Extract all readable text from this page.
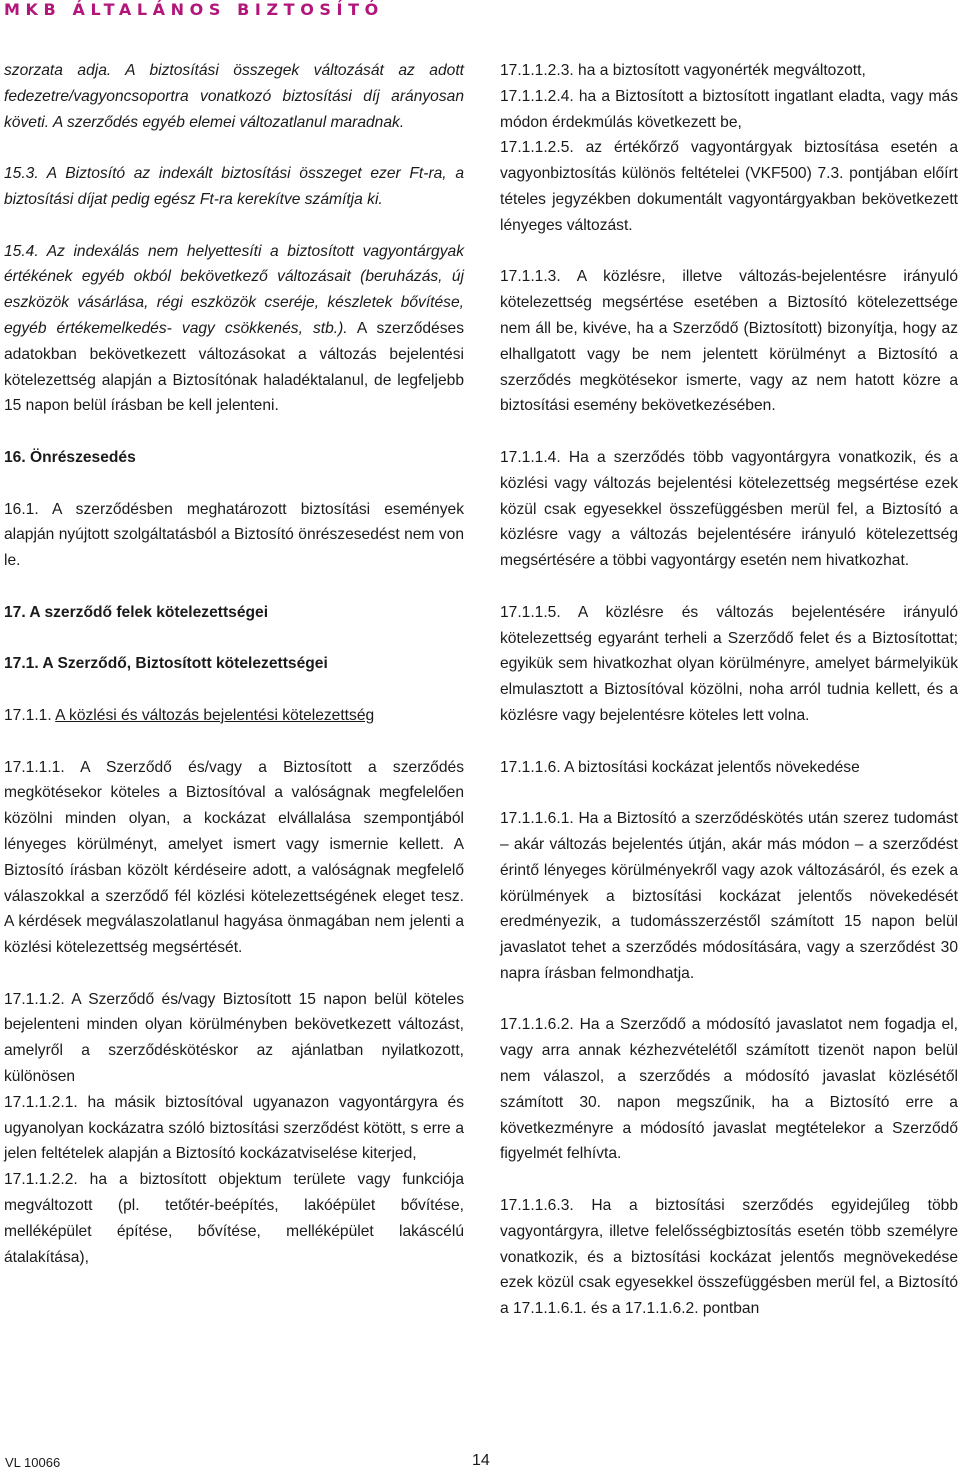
MKB ÁLTALÁNOS BIZTOSÍTÓ

szorzata adja. A biztosítási összegek változását az adott fedezetre/vagyoncsoportra vonatkozó biztosítási díj arányosan követi. A szerződés egyéb elemei változatlanul maradnak.

15.3. A Biztosító az indexált biztosítási összeget ezer Ft-ra, a biztosítási díjat pedig egész Ft-ra kerekítve számítja ki.

15.4. Az indexálás nem helyettesíti a biztosított vagyontárgyak értékének egyéb okból bekövetkező változásait (beruházás, új eszközök vásárlása, régi eszközök cseréje, készletek bővítése, egyéb értékemelkedés- vagy csökkenés, stb.). A szerződéses adatokban bekövetkezett változásokat a változás bejelentési kötelezettség alapján a Biztosítónak haladéktalanul, de legfeljebb 15 napon belül írásban be kell jelenteni.

16. Önrészesedés

16.1. A szerződésben meghatározott biztosítási események alapján nyújtott szolgáltatásból a Biztosító önrészesedést nem von le.

17. A szerződő felek kötelezettségei
17.1. A Szerződő, Biztosított kötelezettségei

17.1.1. A közlési és változás bejelentési kötelezettség

17.1.1.1. A Szerződő és/vagy a Biztosított a szerződés megkötésekor köteles a Biztosítóval a valóságnak megfelelően közölni minden olyan, a kockázat elvállalása szempontjából lényeges körülményt, amelyet ismert vagy ismernie kellett. A Biztosító írásban közölt kérdéseire adott, a valóságnak megfelelő válaszokkal a szerződő fél közlési kötelezettségének eleget tesz. A kérdések megválaszolatlanul hagyása önmagában nem jelenti a közlési kötelezettség megsértését.

17.1.1.2. A Szerződő és/vagy Biztosított 15 napon belül köteles bejelenteni minden olyan körülményben bekövetkezett változást, amelyről a szerződéskötéskor az ajánlatban nyilatkozott, különösen

17.1.1.2.1. ha másik biztosítóval ugyanazon vagyontárgyra és ugyanolyan kockázatra szóló biztosítási szerződést kötött, s erre a jelen feltételek alapján a Biztosító kockázatviselése kiterjed,

17.1.1.2.2. ha a biztosított objektum területe vagy funkciója megváltozott (pl. tetőtér-beépítés, lakóépület bővítése, melléképület építése, bővítése, melléképület lakáscélú átalakítása),

17.1.1.2.3. ha a biztosított vagyonérték megváltozott,

17.1.1.2.4. ha a Biztosított a biztosított ingatlant eladta, vagy más módon érdekmúlás következett be,

17.1.1.2.5. az értékőrző vagyontárgyak biztosítása esetén a vagyonbiztosítás különös feltételei (VKF500) 7.3. pontjában előírt tételes jegyzékben dokumentált vagyontárgyakban bekövetkezett lényeges változást.

17.1.1.3. A közlésre, illetve változás-bejelentésre irányuló kötelezettség megsértése esetében a Biztosító kötelezettsége nem áll be, kivéve, ha a Szerződő (Biztosított) bizonyítja, hogy az elhallgatott vagy be nem jelentett körülményt a Biztosító a szerződés megkötésekor ismerte, vagy az nem hatott közre a biztosítási esemény bekövetkezésében.

17.1.1.4. Ha a szerződés több vagyontárgyra vonatkozik, és a közlési vagy változás bejelentési kötelezettség megsértése ezek közül csak egyesekkel összefüggésben merül fel, a Biztosító a közlésre vagy a változás bejelentésére irányuló kötelezettség megsértésére a többi vagyontárgy esetén nem hivatkozhat.

17.1.1.5. A közlésre és változás bejelentésére irányuló kötelezettség egyaránt terheli a Szerződő felet és a Biztosítottat; egyikük sem hivatkozhat olyan körülményre, amelyet bármelyikük elmulasztott a Biztosítóval közölni, noha arról tudnia kellett, és a közlésre vagy bejelentésre köteles lett volna.

17.1.1.6. A biztosítási kockázat jelentős növekedése

17.1.1.6.1. Ha a Biztosító a szerződéskötés után szerez tudomást – akár változás bejelentés útján, akár más módon – a szerződést érintő lényeges körülményekről vagy azok változásáról, és ezek a körülmények a biztosítási kockázat jelentős növekedését eredményezik, a tudomásszerzéstől számított 15 napon belül javaslatot tehet a szerződés módosítására, vagy a szerződést 30 napra írásban felmondhatja.

17.1.1.6.2. Ha a Szerződő a módosító javaslatot nem fogadja el, vagy arra annak kézhezvételétől számított tizenöt napon belül nem válaszol, a szerződés a módosító javaslat közlésétől számított 30. napon megszűnik, ha a Biztosító erre a következményre a módosító javaslat megtételekor a Szerződő figyelmét felhívta.

17.1.1.6.3. Ha a biztosítási szerződés egyidejűleg több vagyontárgyra, illetve felelősségbiztosítás esetén több személyre vonatkozik, és a biztosítási kockázat jelentős megnövekedése ezek közül csak egyesekkel összefüggésben merül fel, a Biztosító a 17.1.1.6.1. és a 17.1.1.6.2. pontban

VL 10066	14
